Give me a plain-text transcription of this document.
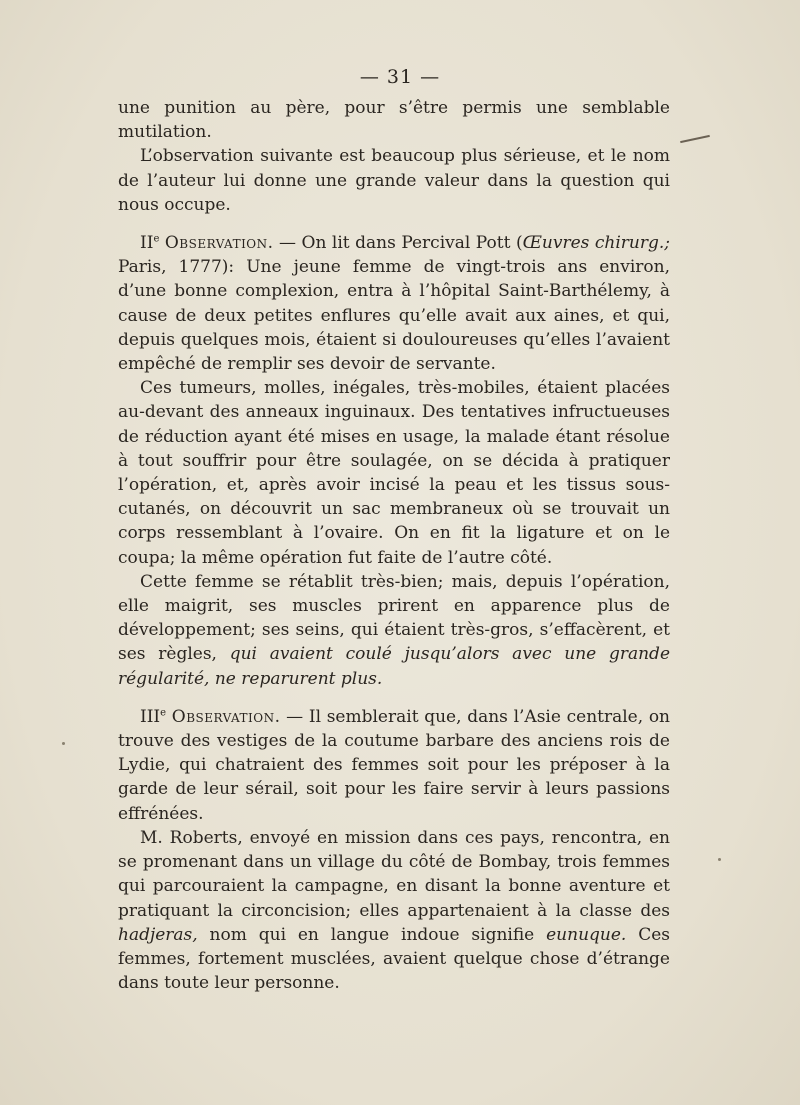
— 31 —

une punition au père, pour s’être permis une semblable mutilation.

L’observation suivante est beaucoup plus sérieuse, et le nom de l’auteur lui donne une grande valeur dans la question qui nous occupe.

IIe Observation. — On lit dans Percival Pott (Œuvres chirurg.; Paris, 1777): Une jeune femme de vingt-trois ans environ, d’une bonne complexion, entra à l’hôpital Saint-Barthélemy, à cause de deux petites enflures qu’elle avait aux aines, et qui, depuis quelques mois, étaient si douloureuses qu’elles l’avaient empêché de remplir ses devoir de servante.

Ces tumeurs, molles, inégales, très-mobiles, étaient placées au-devant des anneaux inguinaux. Des tentatives infructueuses de réduction ayant été mises en usage, la malade étant résolue à tout souffrir pour être soulagée, on se décida à pratiquer l’opération, et, après avoir incisé la peau et les tissus sous-cutanés, on découvrit un sac membraneux où se trouvait un corps ressemblant à l’ovaire. On en fit la ligature et on le coupa; la même opération fut faite de l’autre côté.

Cette femme se rétablit très-bien; mais, depuis l’opération, elle maigrit, ses muscles prirent en apparence plus de développement; ses seins, qui étaient très-gros, s’effacèrent, et ses règles, qui avaient coulé jusqu’alors avec une grande régularité, ne reparurent plus.

IIIe Observation. — Il semblerait que, dans l’Asie centrale, on trouve des vestiges de la coutume barbare des anciens rois de Lydie, qui chatraient des femmes soit pour les préposer à la garde de leur sérail, soit pour les faire servir à leurs passions effrénées.

M. Roberts, envoyé en mission dans ces pays, rencontra, en se promenant dans un village du côté de Bombay, trois femmes qui parcouraient la campagne, en disant la bonne aventure et pratiquant la circoncision; elles appartenaient à la classe des hadjeras, nom qui en langue indoue signifie eunuque. Ces femmes, fortement musclées, avaient quelque chose d’étrange dans toute leur personne.
